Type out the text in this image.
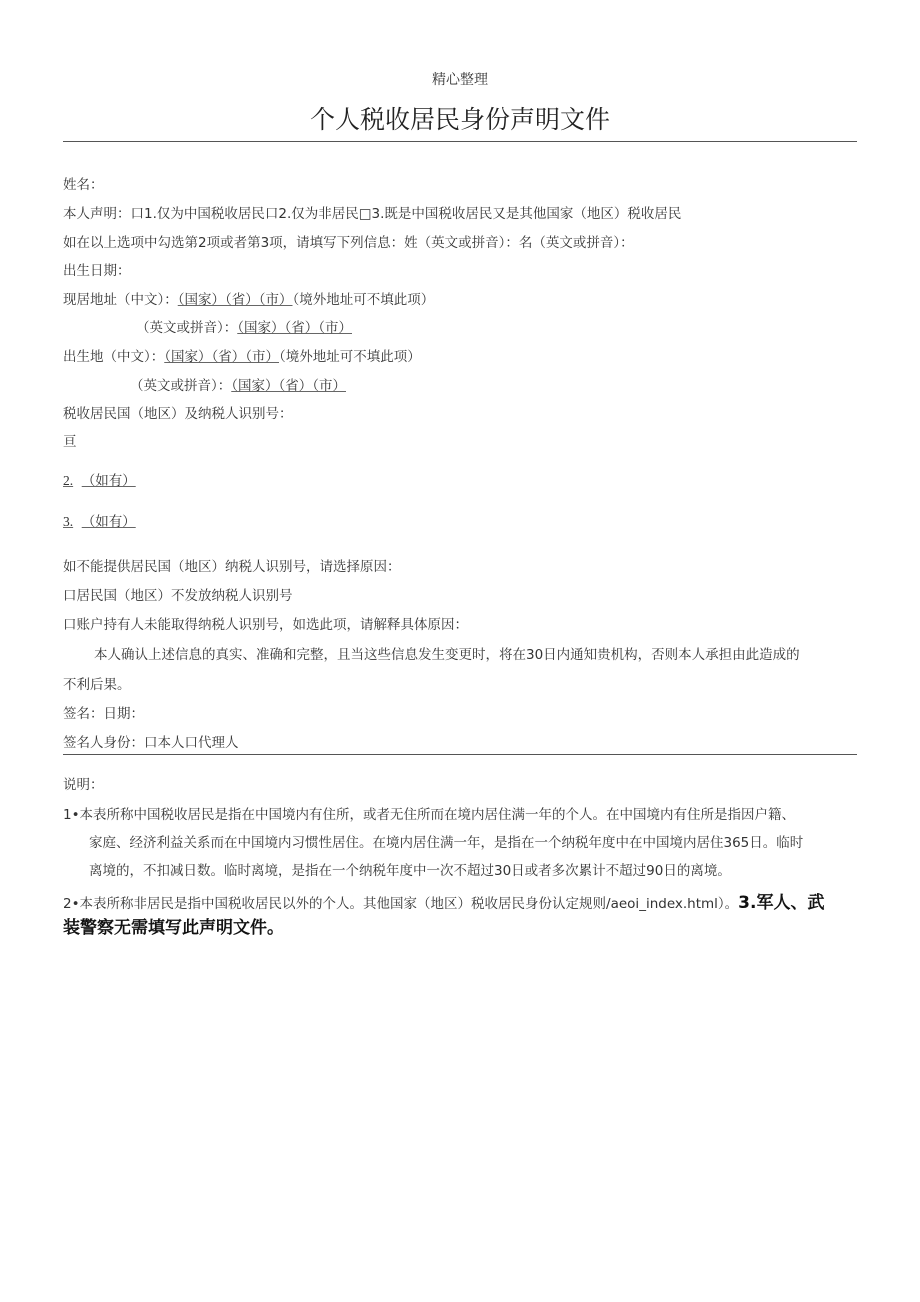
精心整理
个人税收居民身份声明文件
姓名：
本人声明：口1.仅为中国税收居民口2.仅为非居民□3.既是中国税收居民又是其他国家（地区）税收居民
如在以上选项中勾选第2项或者第3项，请填写下列信息：姓（英文或拼音）：名（英文或拼音）：
出生日期：
现居地址（中文）：（国家）（省）（市）（境外地址可不填此项）
（英文或拼音）：（国家）（省）（市）
出生地（中文）：（国家）（省）（市）（境外地址可不填此项）
（英文或拼音）：（国家）（省）（市）
税收居民国（地区）及纳税人识别号：
亘
2. （如有）
3. （如有）
如不能提供居民国（地区）纳税人识别号，请选择原因：
口居民国（地区）不发放纳税人识别号
口账户持有人未能取得纳税人识别号，如选此项，请解释具体原因：
本人确认上述信息的真实、准确和完整，且当这些信息发生变更时，将在30日内通知贵机构，否则本人承担由此造成的
不利后果。
签名：日期：
签名人身份：口本人口代理人
说明：
1•本表所称中国税收居民是指在中国境内有住所，或者无住所而在境内居住满一年的个人。在中国境内有住所是指因户籍、
家庭、经济利益关系而在中国境内习惯性居住。在境内居住满一年，是指在一个纳税年度中在中国境内居住365日。临时
离境的，不扣减日数。临时离境，是指在一个纳税年度中一次不超过30日或者多次累计不超过90日的离境。
2•本表所称非居民是指中国税收居民以外的个人。其他国家（地区）税收居民身份认定规则/aeoi_index.html）。3.军人、武
装警察无需填写此声明文件。
